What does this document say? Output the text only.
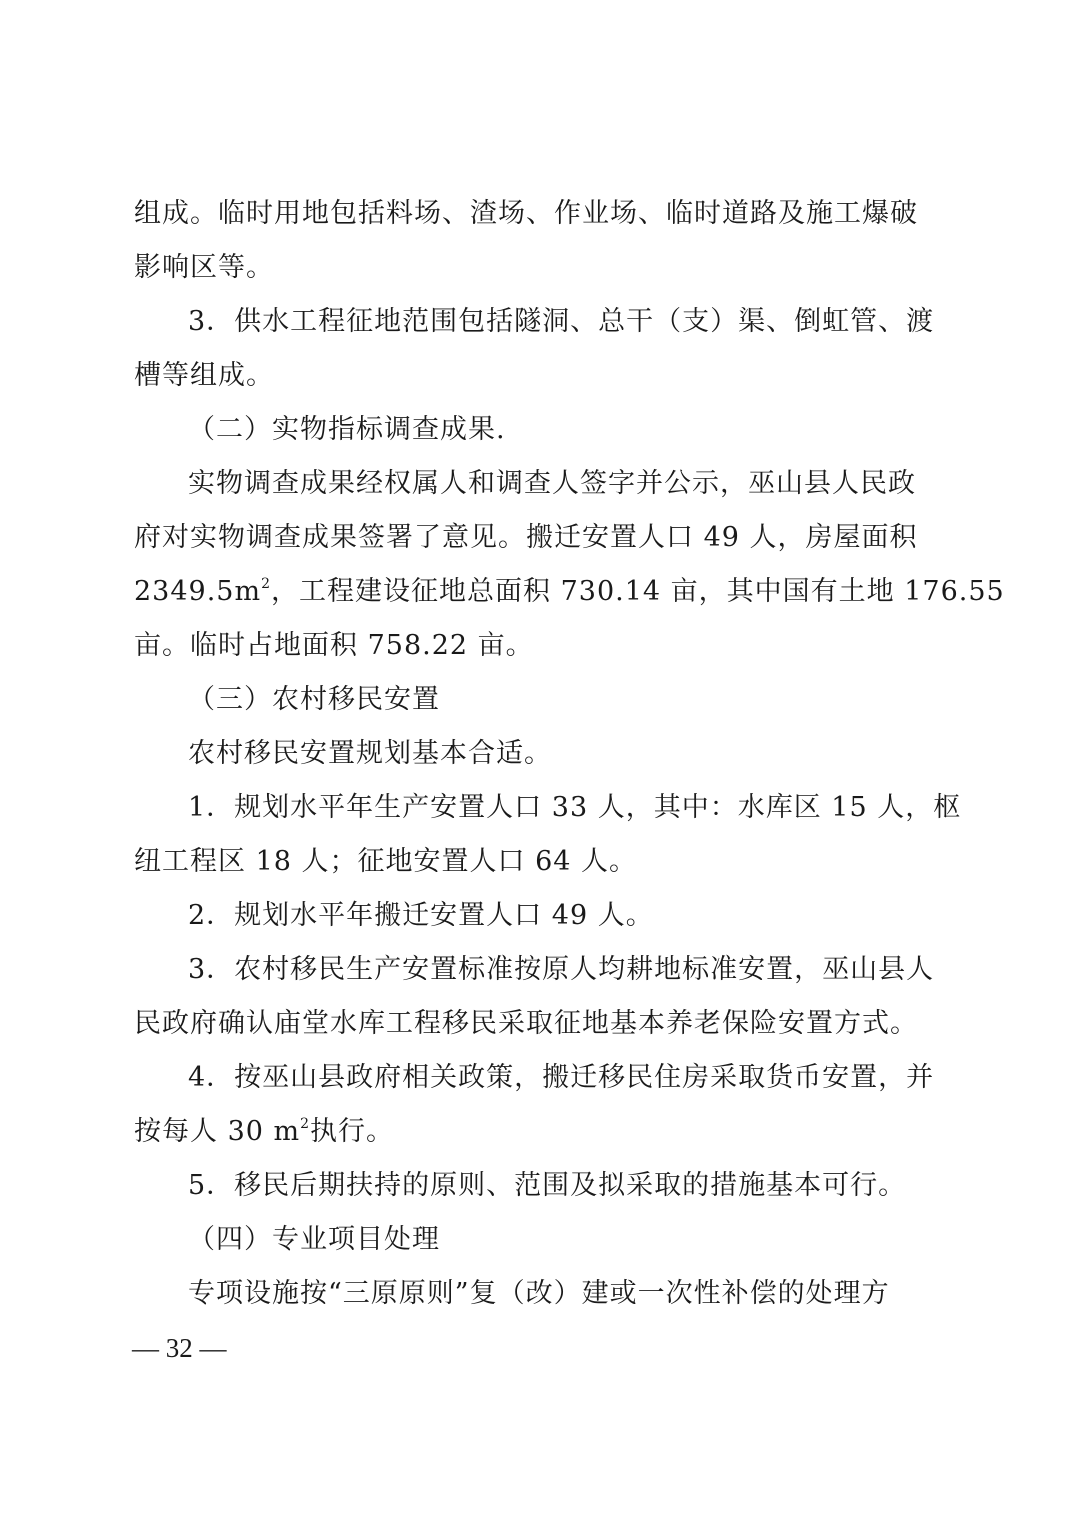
组成。临时用地包括料场、渣场、作业场、临时道路及施工爆破
影响区等。
3．供水工程征地范围包括隧洞、总干（支）渠、倒虹管、渡
槽等组成。
（二）实物指标调查成果.
实物调查成果经权属人和调查人签字并公示，巫山县人民政
府对实物调查成果签署了意见。搬迁安置人口 49 人，房屋面积
$2349.5m^2$，工程建设征地总面积 730.14 亩，其中国有土地 176.55
亩。临时占地面积 758.22 亩。
（三）农村移民安置
农村移民安置规划基本合适。
1．规划水平年生产安置人口 33 人，其中：水库区 15 人，枢
纽工程区 18 人；征地安置人口 64 人。
2．规划水平年搬迁安置人口 49 人。
3．农村移民生产安置标准按原人均耕地标准安置，巫山县人
民政府确认庙堂水库工程移民采取征地基本养老保险安置方式。
4．按巫山县政府相关政策，搬迁移民住房采取货币安置，并
按每人 30 $m^2$执行。
5．移民后期扶持的原则、范围及拟采取的措施基本可行。
（四）专业项目处理
专项设施按“三原原则”复（改）建或一次性补偿的处理方
— 32 —
